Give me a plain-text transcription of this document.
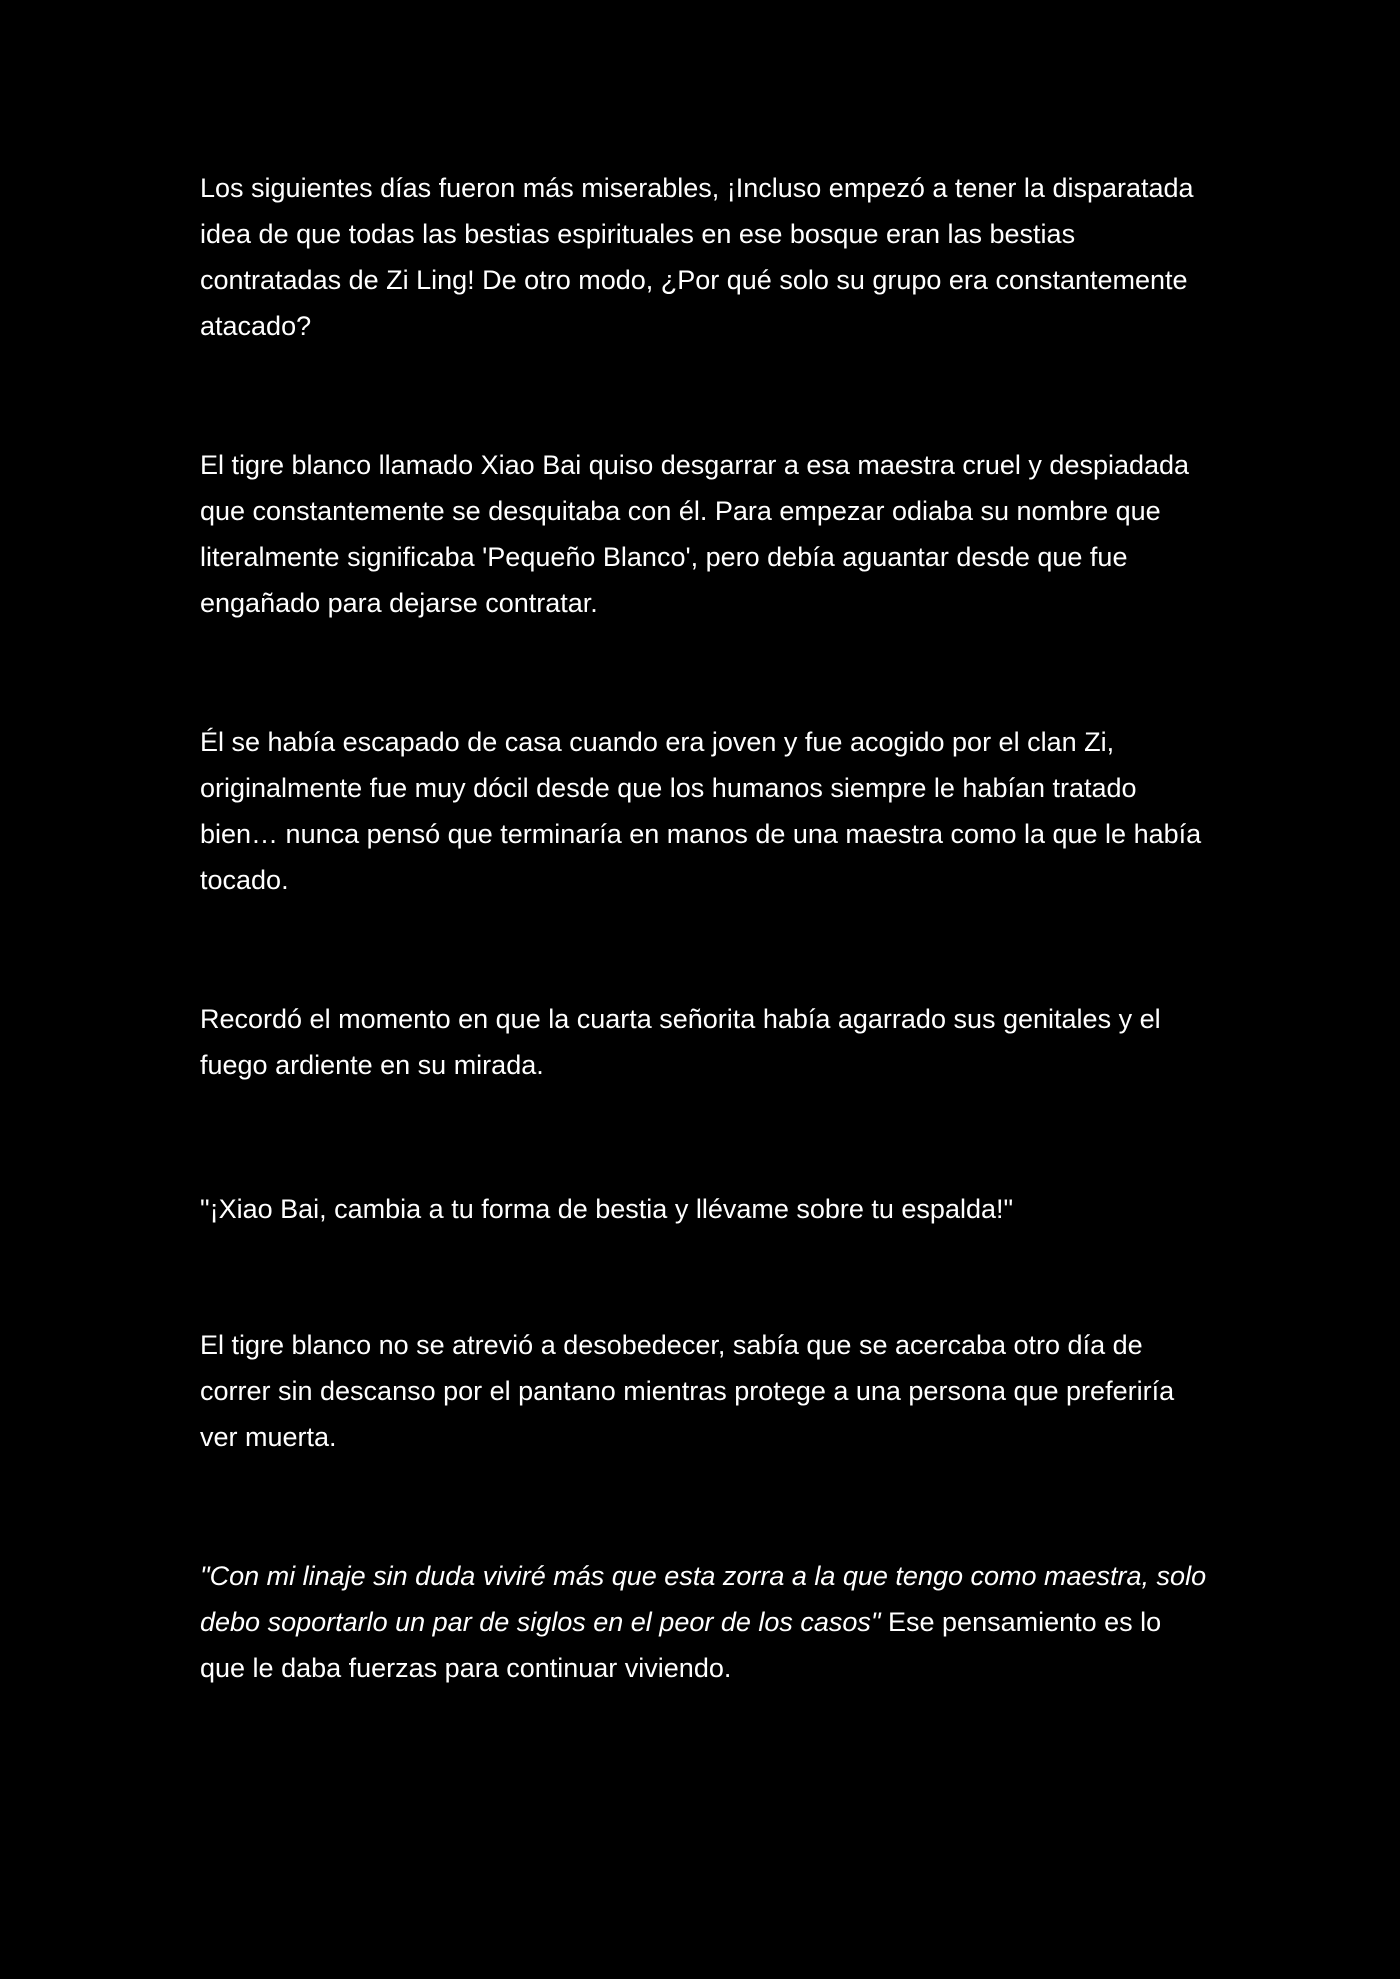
Los siguientes días fueron más miserables, ¡Incluso empezó a tener la disparatada idea de que todas las bestias espirituales en ese bosque eran las bestias contratadas de Zi Ling! De otro modo, ¿Por qué solo su grupo era constantemente atacado?

El tigre blanco llamado Xiao Bai quiso desgarrar a esa maestra cruel y despiadada que constantemente se desquitaba con él. Para empezar odiaba su nombre que literalmente significaba 'Pequeño Blanco', pero debía aguantar desde que fue engañado para dejarse contratar.

Él se había escapado de casa cuando era joven y fue acogido por el clan Zi, originalmente fue muy dócil desde que los humanos siempre le habían tratado bien… nunca pensó que terminaría en manos de una maestra como la que le había tocado.

Recordó el momento en que la cuarta señorita había agarrado sus genitales y el fuego ardiente en su mirada.

"¡Xiao Bai, cambia a tu forma de bestia y llévame sobre tu espalda!"

El tigre blanco no se atrevió a desobedecer, sabía que se acercaba otro día de correr sin descanso por el pantano mientras protege a una persona que preferiría ver muerta.

"Con mi linaje sin duda viviré más que esta zorra a la que tengo como maestra, solo debo soportarlo un par de siglos en el peor de los casos" Ese pensamiento es lo que le daba fuerzas para continuar viviendo.
